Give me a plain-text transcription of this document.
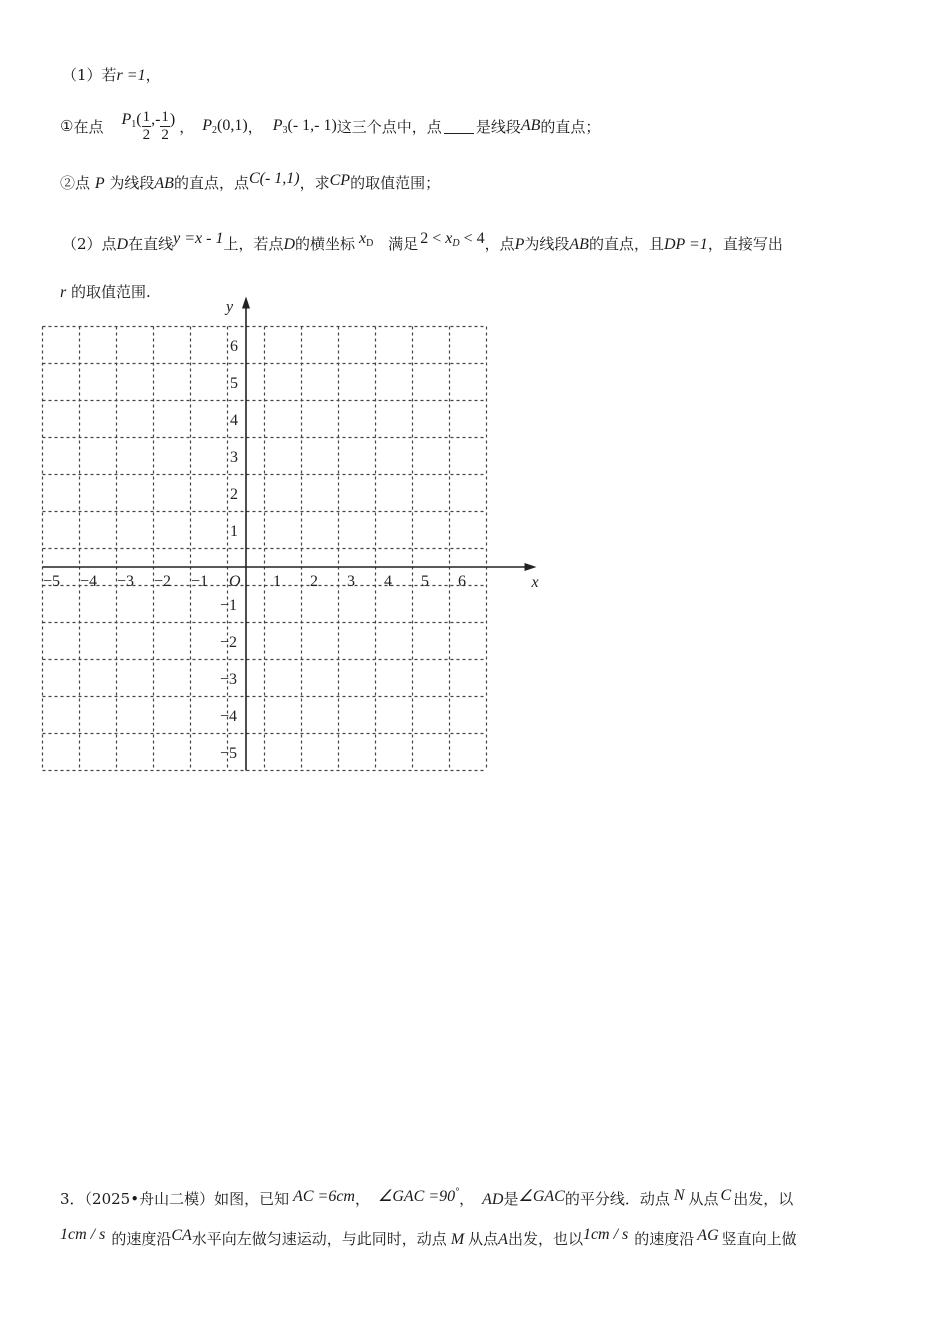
（1）若r =1，
① 在点 $P_1$ ( $\frac{1}{2}$ ,- $\frac{1}{2}$ ) ， $P_2(0,1)$ ， $P_3(-$ 1,- 1) 这三个点中，点 是线段 AB 的直点；
②点 P 为线段AB的直点，点C(- 1,1)，求CP的取值范围；
（2）点D在直线y =x - 1上，若点D的横坐标 $x_D$ 满足 $2 < x_D < 4$，点P为线段AB的直点，且DP =1，直接写出
r 的取值范围.
x
y
O
−5 −4 −3 −2 −1	1 2 3 4 5 6
1
2
3
4
5
6
−1
−2
−3
−4
−5
3．（2025•舟山二模）如图，已知 AC =6cm， ∠GAC =90°， AD是∠GAC的平分线．动点 N 从点 C 出发，以
1cm / s 的速度沿CA水平向左做匀速运动，与此同时，动点 M 从点A出发，也以1cm / s 的速度沿 AG 竖直向上做
